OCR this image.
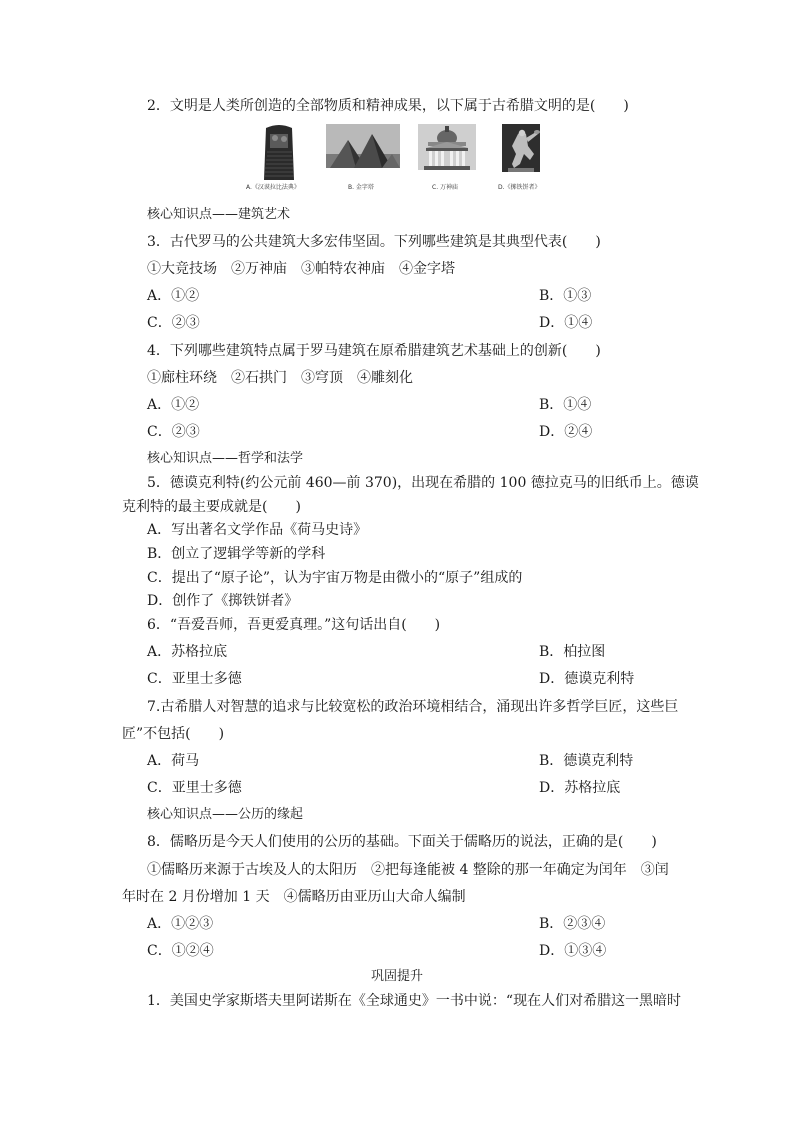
2．文明是人类所创造的全部物质和精神成果，以下属于古希腊文明的是(　　)
A.《汉谟拉比法典》	B. 金字塔	C. 万神庙	D.《掷铁饼者》
核心知识点——建筑艺术
3．古代罗马的公共建筑大多宏伟坚固。下列哪些建筑是其典型代表(　　)
①大竞技场　②万神庙　③帕特农神庙　④金字塔
A．①②	B．①③
C．②③	D．①④
4．下列哪些建筑特点属于罗马建筑在原希腊建筑艺术基础上的创新(　　)
①廊柱环绕　②石拱门　③穹顶　④雕刻化
A．①②	B．①④
C．②③	D．②④
核心知识点——哲学和法学
5．德谟克利特(约公元前 460—前 370)，出现在希腊的 100 德拉克马的旧纸币上。德谟
克利特的最主要成就是(　　)
A．写出著名文学作品《荷马史诗》
B．创立了逻辑学等新的学科
C．提出了“原子论”，认为宇宙万物是由微小的“原子”组成的
D．创作了《掷铁饼者》
6．“吾爱吾师，吾更爱真理。”这句话出自(　　)
A．苏格拉底	B．柏拉图
C．亚里士多德	D．德谟克利特
7.古希腊人对智慧的追求与比较宽松的政治环境相结合，涌现出许多哲学巨匠，这些巨
匠”不包括(　　)
A．荷马	B．德谟克利特
C．亚里士多德	D．苏格拉底
核心知识点——公历的缘起
8．儒略历是今天人们使用的公历的基础。下面关于儒略历的说法，正确的是(　　)
①儒略历来源于古埃及人的太阳历　②把每逢能被 4 整除的那一年确定为闰年　③闰
年时在 2 月份增加 1 天　④儒略历由亚历山大命人编制
A．①②③	B．②③④
C．①②④	D．①③④
巩固提升
1．美国史学家斯塔夫里阿诺斯在《全球通史》一书中说：“现在人们对希腊这一黑暗时
